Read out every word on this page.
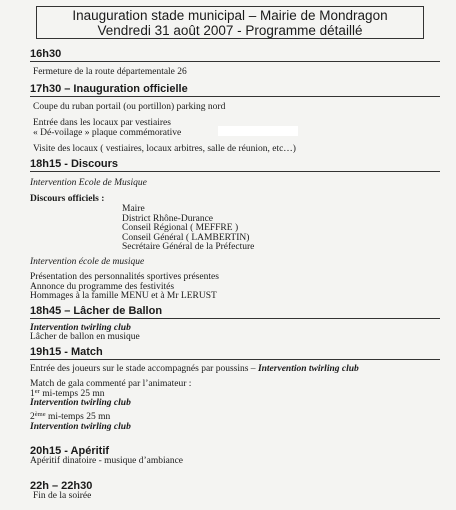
Inauguration stade municipal – Mairie de Mondragon
Vendredi 31 août 2007 - Programme détaillé
16h30
Fermeture de la route départementale 26
17h30 – Inauguration officielle
Coupe du ruban portail (ou portillon) parking nord
Entrée dans les locaux par vestiaires
« Dé-voilage » plaque commémorative
Visite des locaux ( vestiaires, locaux arbitres, salle de réunion, etc…)
18h15 - Discours
Intervention Ecole de Musique
Discours officiels :
Maire
District Rhône-Durance
Conseil Régional ( MEFFRE )
Conseil Général ( LAMBERTIN)
Secrétaire Général de la Préfecture
Intervention école de musique
Présentation des personnalités sportives présentes
Annonce du programme des festivités
Hommages à la famille MENU et à Mr LERUST
18h45 – Lâcher de Ballon
Intervention twirling club
Lâcher de ballon en musique
19h15 - Match
Entrée des joueurs sur le stade accompagnés par poussins – Intervention twirling club
Match de gala commenté par l’animateur :
1er mi-temps 25 mn
Intervention twirling club
2ème mi-temps 25 mn
Intervention twirling club
20h15 - Apéritif
Apéritif dinatoire - musique d’ambiance
22h – 22h30
Fin de la soirée
